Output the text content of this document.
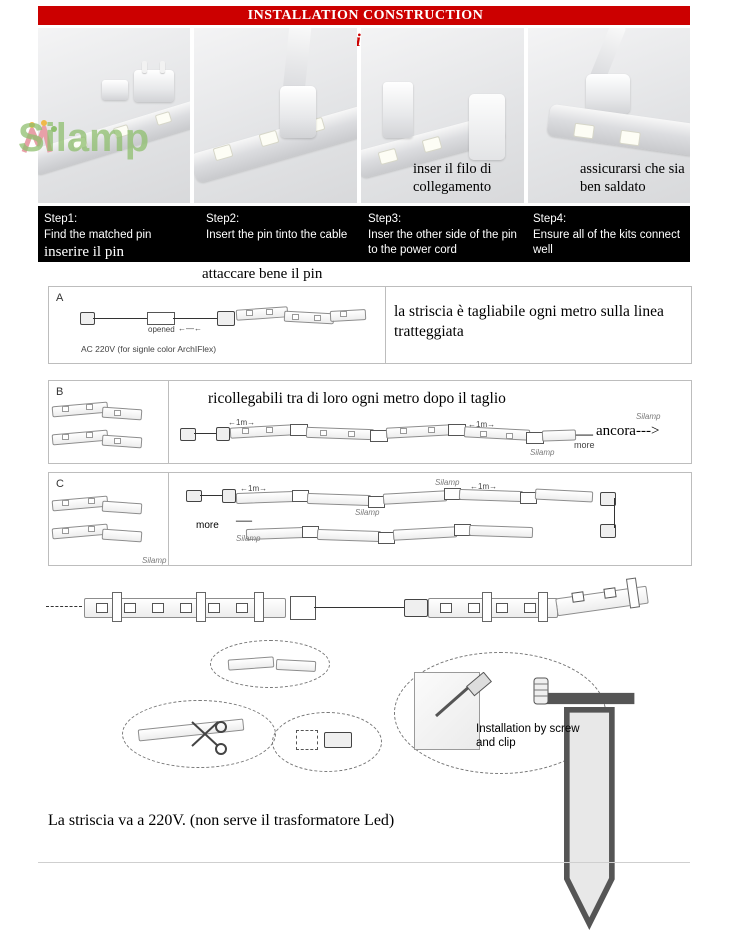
INSTALLATION CONSTRUCTION
inser il filo di collegamento
assicurarsi che sia ben saldato
Silamp
Step1:
Find the matched pin
Step2:
Insert the pin tinto the cable
Step3:
Inser the other side of the pin to the power cord
Step4:
Ensure all of the kits connect well
inserire il pin
attaccare bene il pin
A
la striscia è tagliabile ogni metro sulla linea tratteggiata
opened ←—←
AC 220V (for signle color ArchIFlex)
B	ricollegabili tra di loro ogni metro dopo il taglio
←1m→	←1m→
Silamp
Silamp
— ancora--->
more
C
Silamp
←1m→	←1m→
Silamp
Silamp
Silamp
more —
Installation by screw and clip
La striscia va a 220V. (non serve il trasformatore Led)
